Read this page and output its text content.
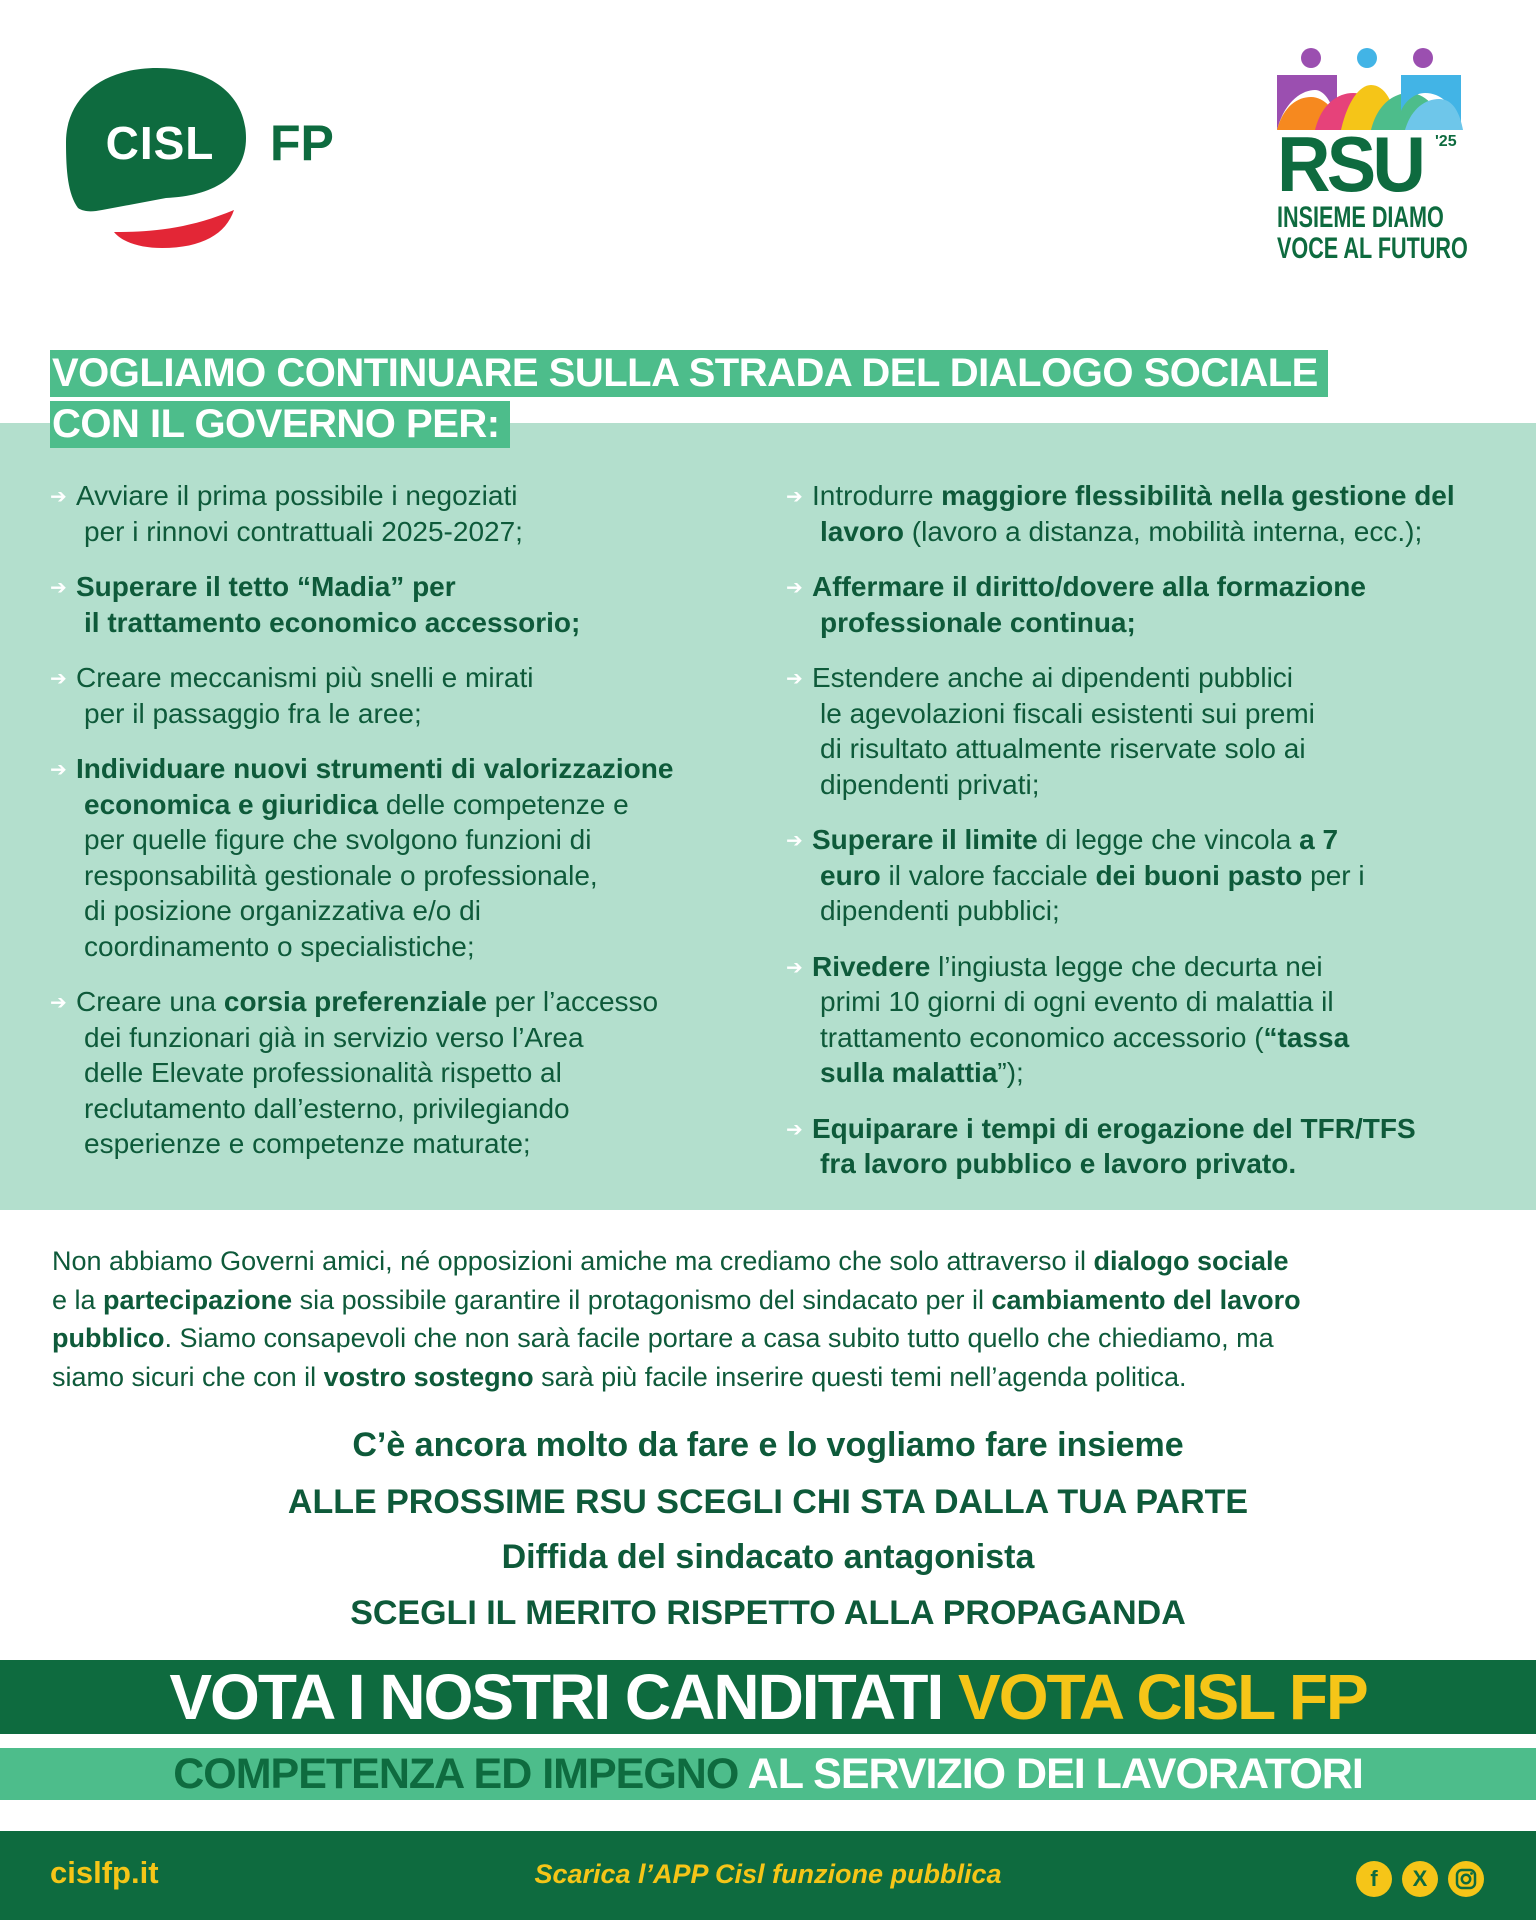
CISL	FP	RSU '25
INSIEME DIAMO
VOCE AL FUTURO
VOGLIAMO CONTINUARE SULLA STRADA DEL DIALOGO SOCIALE
CON IL GOVERNO PER:
➔ Avviare il prima possibile i negoziati
per i rinnovi contrattuali 2025-2027;
➔ Superare il tetto “Madia” per
il trattamento economico accessorio;
➔ Creare meccanismi più snelli e mirati
per il passaggio fra le aree;
➔ Individuare nuovi strumenti di valorizzazione
economica e giuridica delle competenze e
per quelle figure che svolgono funzioni di
responsabilità gestionale o professionale,
di posizione organizzativa e/o di
coordinamento o specialistiche;
➔ Creare una corsia preferenziale per l’accesso
dei funzionari già in servizio verso l’Area
delle Elevate professionalità rispetto al
reclutamento dall’esterno, privilegiando
esperienze e competenze maturate;
➔ Introdurre maggiore flessibilità nella gestione del
lavoro (lavoro a distanza, mobilità interna, ecc.);
➔ Affermare il diritto/dovere alla formazione
professionale continua;
➔ Estendere anche ai dipendenti pubblici
le agevolazioni fiscali esistenti sui premi
di risultato attualmente riservate solo ai
dipendenti privati;
➔ Superare il limite di legge che vincola a 7
euro il valore facciale dei buoni pasto per i
dipendenti pubblici;
➔ Rivedere l’ingiusta legge che decurta nei
primi 10 giorni di ogni evento di malattia il
trattamento economico accessorio (“tassa
sulla malattia”);
➔ Equiparare i tempi di erogazione del TFR/TFS
fra lavoro pubblico e lavoro privato.
Non abbiamo Governi amici, né opposizioni amiche ma crediamo che solo attraverso il dialogo sociale
e la partecipazione sia possibile garantire il protagonismo del sindacato per il cambiamento del lavoro
pubblico. Siamo consapevoli che non sarà facile portare a casa subito tutto quello che chiediamo, ma
siamo sicuri che con il vostro sostegno sarà più facile inserire questi temi nell’agenda politica.
C’è ancora molto da fare e lo vogliamo fare insieme
ALLE PROSSIME RSU SCEGLI CHI STA DALLA TUA PARTE
Diffida del sindacato antagonista
SCEGLI IL MERITO RISPETTO ALLA PROPAGANDA
VOTA I NOSTRI CANDITATI VOTA CISL FP
COMPETENZA ED IMPEGNO AL SERVIZIO DEI LAVORATORI
cislfp.it	Scarica l’APP Cisl funzione pubblica	f	X
